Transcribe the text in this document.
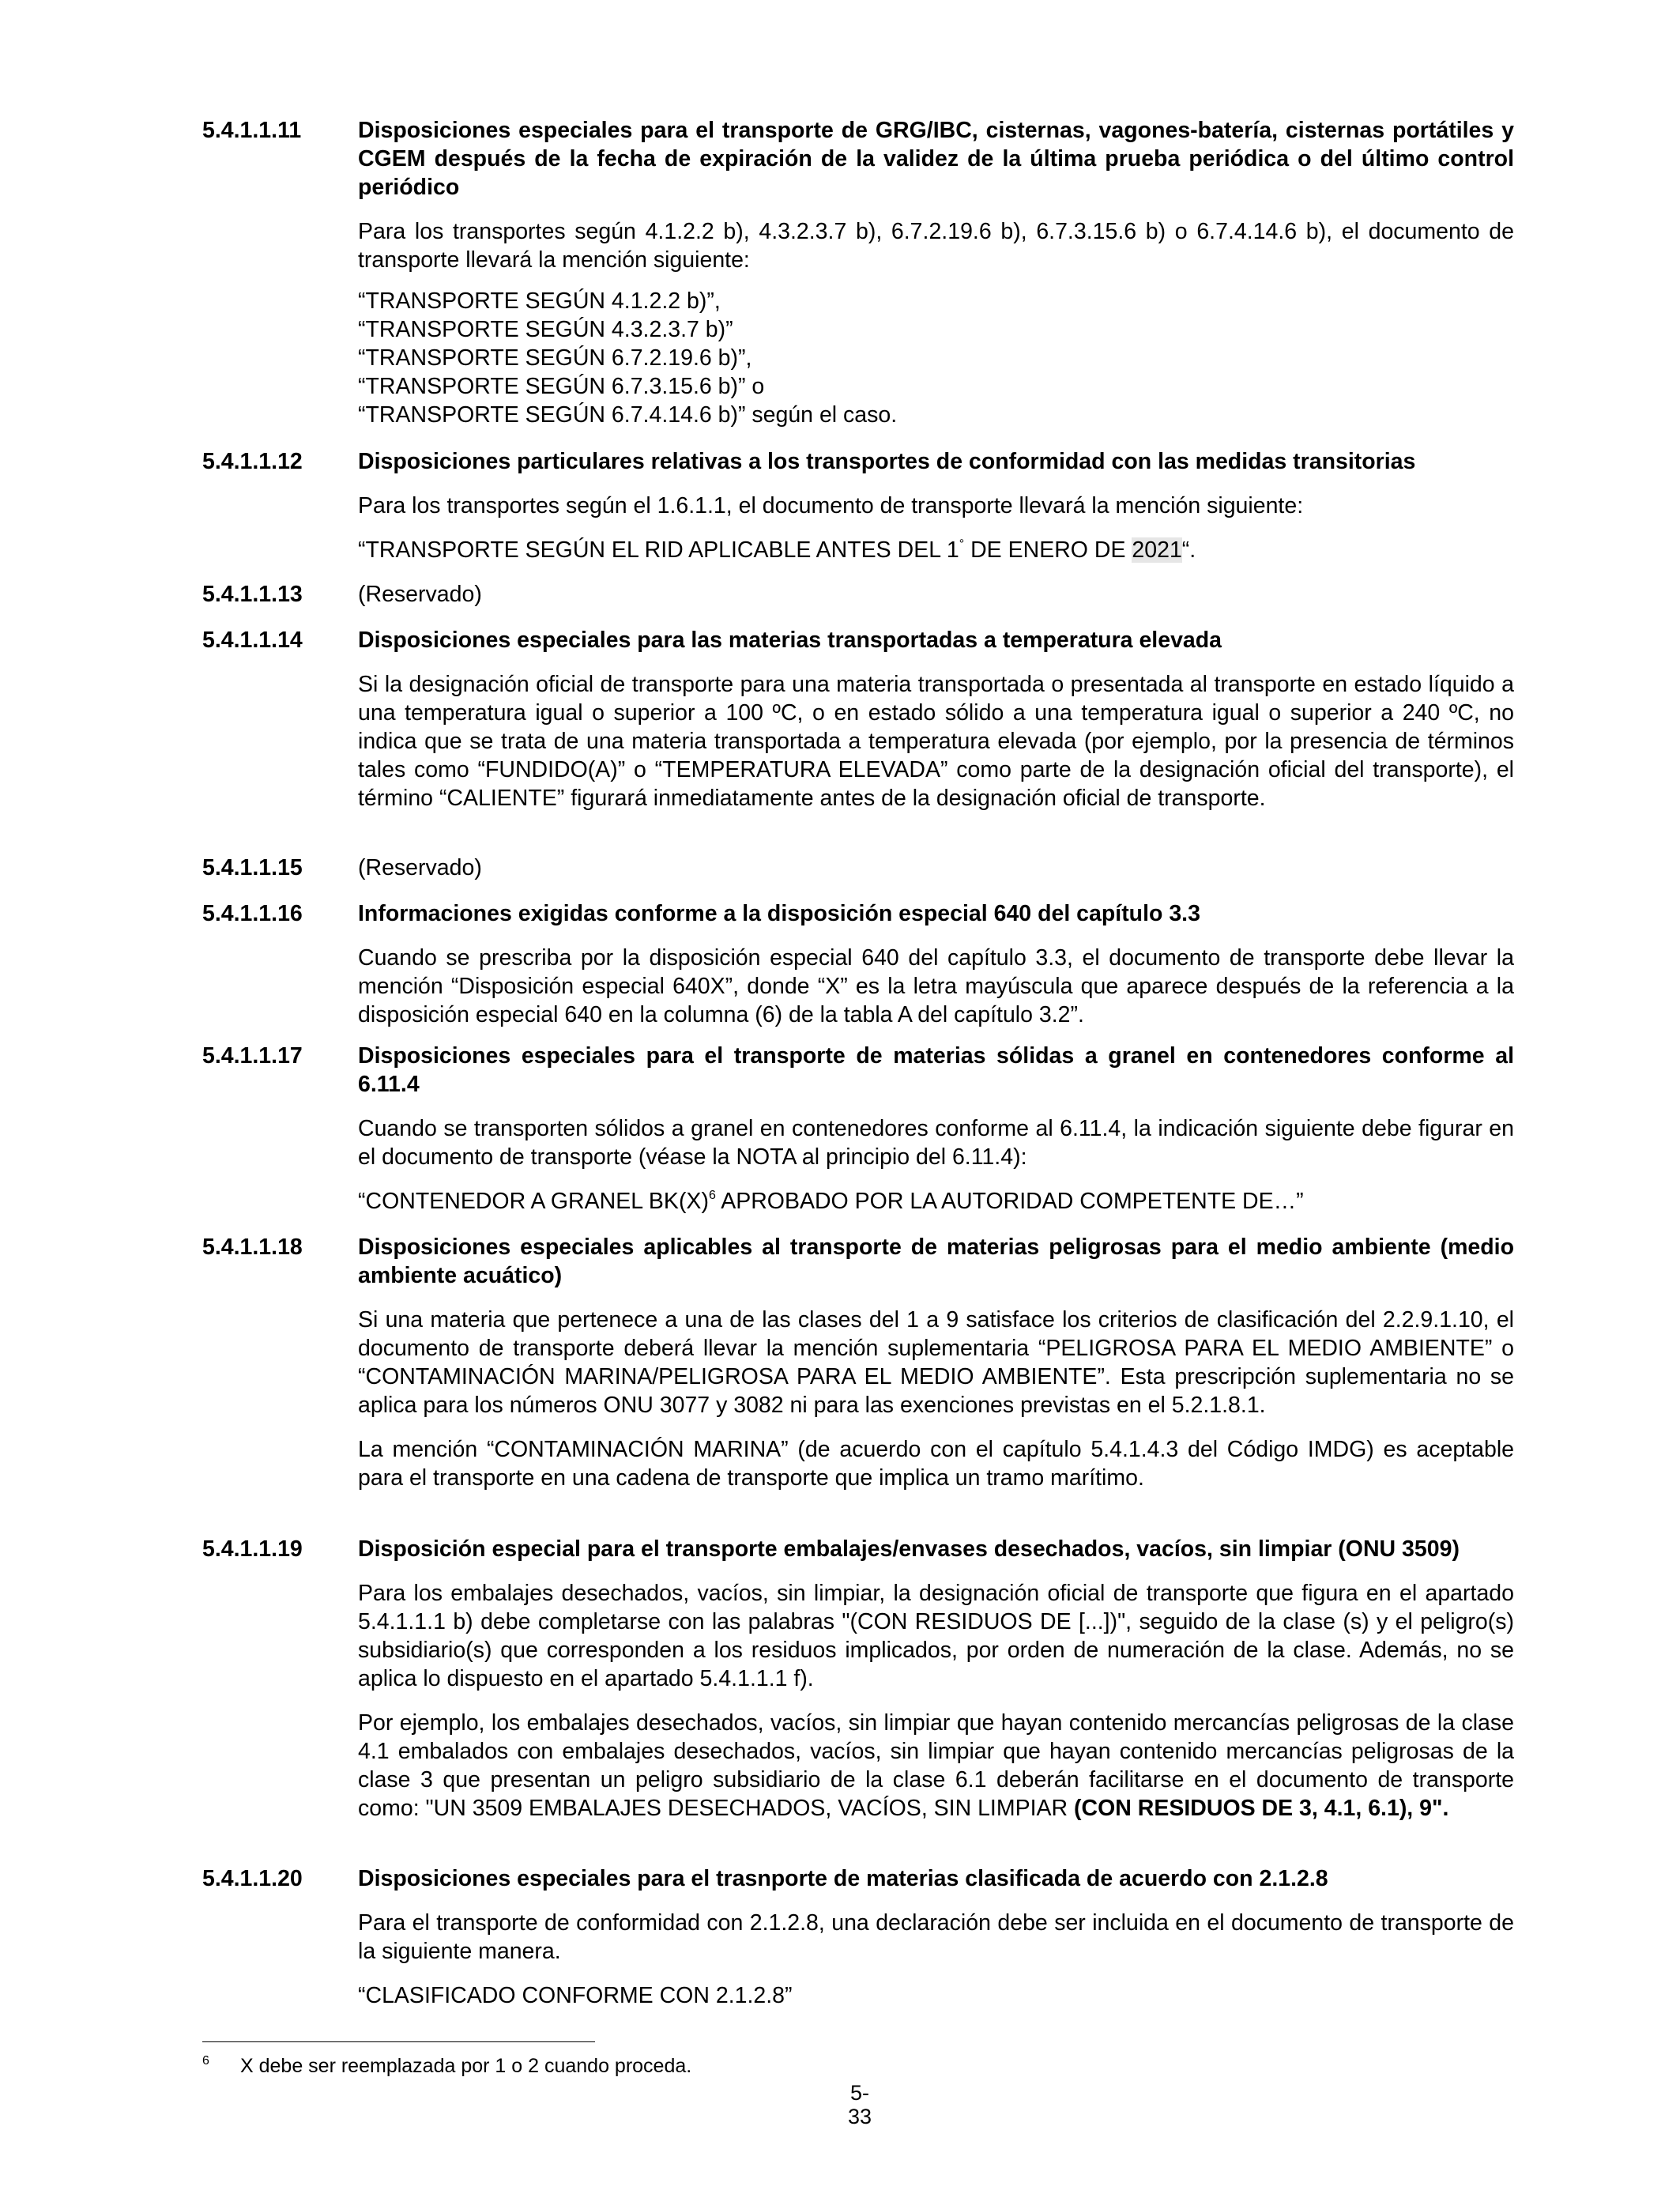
5.4.1.1.11	Disposiciones especiales para el transporte de GRG/IBC, cisternas, vagones-batería, cisternas portátiles y CGEM después de la fecha de expiración de la validez de la última prueba periódica o del último control periódico
Para los transportes según 4.1.2.2 b), 4.3.2.3.7 b), 6.7.2.19.6 b), 6.7.3.15.6 b) o 6.7.4.14.6 b), el documento de transporte llevará la mención siguiente:
“TRANSPORTE SEGÚN 4.1.2.2 b)”,
“TRANSPORTE SEGÚN 4.3.2.3.7 b)”
“TRANSPORTE SEGÚN 6.7.2.19.6 b)”,
“TRANSPORTE SEGÚN 6.7.3.15.6 b)” o
“TRANSPORTE SEGÚN 6.7.4.14.6 b)” según el caso.
5.4.1.1.12 Disposiciones particulares relativas a los transportes de conformidad con las medidas transitorias
Para los transportes según el 1.6.1.1, el documento de transporte llevará la mención siguiente:
“TRANSPORTE SEGÚN EL RID APLICABLE ANTES DEL 1° DE ENERO DE 2021“.
5.4.1.1.13 (Reservado)
5.4.1.1.14 Disposiciones especiales para las materias transportadas a temperatura elevada
Si la designación oficial de transporte para una materia transportada o presentada al transporte en estado líquido a una temperatura igual o superior a 100 ºC, o en estado sólido a una temperatura igual o superior a 240 ºC, no indica que se trata de una materia transportada a temperatura elevada (por ejemplo, por la presencia de términos tales como “FUNDIDO(A)” o “TEMPERATURA ELEVADA” como parte de la designación oficial del transporte), el término “CALIENTE” figurará inmediatamente antes de la designación oficial de transporte.
5.4.1.1.15 (Reservado)
5.4.1.1.16 Informaciones exigidas conforme a la disposición especial 640 del capítulo 3.3
Cuando se prescriba por la disposición especial 640 del capítulo 3.3, el documento de transporte debe llevar la mención “Disposición especial 640X”, donde “X” es la letra mayúscula que aparece después de la referencia a la disposición especial 640 en la columna (6) de la tabla A del capítulo 3.2”.
5.4.1.1.17 Disposiciones especiales para el transporte de materias sólidas a granel en contenedores conforme al 6.11.4
Cuando se transporten sólidos a granel en contenedores conforme al 6.11.4, la indicación siguiente debe figurar en el documento de transporte (véase la NOTA al principio del 6.11.4):
“CONTENEDOR A GRANEL $BK(X)^6$ APROBADO POR LA AUTORIDAD COMPETENTE DE…”
5.4.1.1.18 Disposiciones especiales aplicables al transporte de materias peligrosas para el medio ambiente (medio ambiente acuático)
Si una materia que pertenece a una de las clases del 1 a 9 satisface los criterios de clasificación del 2.2.9.1.10, el documento de transporte deberá llevar la mención suplementaria “PELIGROSA PARA EL MEDIO AMBIENTE” o “CONTAMINACIÓN MARINA/PELIGROSA PARA EL MEDIO AMBIENTE”. Esta prescripción suplementaria no se aplica para los números ONU 3077 y 3082 ni para las exenciones previstas en el 5.2.1.8.1.
La mención “CONTAMINACIÓN MARINA” (de acuerdo con el capítulo 5.4.1.4.3 del Código IMDG) es aceptable para el transporte en una cadena de transporte que implica un tramo marítimo.
5.4.1.1.19 Disposición especial para el transporte embalajes/envases desechados, vacíos, sin limpiar (ONU 3509)
Para los embalajes desechados, vacíos, sin limpiar, la designación oficial de transporte que figura en el apartado 5.4.1.1.1 b) debe completarse con las palabras "(CON RESIDUOS DE [...])", seguido de la clase (s) y el peligro(s) subsidiario(s) que corresponden a los residuos implicados, por orden de numeración de la clase. Además, no se aplica lo dispuesto en el apartado 5.4.1.1.1 f).
Por ejemplo, los embalajes desechados, vacíos, sin limpiar que hayan contenido mercancías peligrosas de la clase 4.1 embalados con embalajes desechados, vacíos, sin limpiar que hayan contenido mercancías peligrosas de la clase 3 que presentan un peligro subsidiario de la clase 6.1 deberán facilitarse en el documento de transporte como: "UN 3509 EMBALAJES DESECHADOS, VACÍOS, SIN LIMPIAR (CON RESIDUOS DE 3, 4.1, 6.1), 9".
5.4.1.1.20 Disposiciones especiales para el trasnporte de materias clasificada de acuerdo con 2.1.2.8
Para el transporte de conformidad con 2.1.2.8, una declaración debe ser incluida en el documento de transporte de la siguiente manera.
“CLASIFICADO CONFORME CON 2.1.2.8”
6 X debe ser reemplazada por 1 o 2 cuando proceda.
5-33
